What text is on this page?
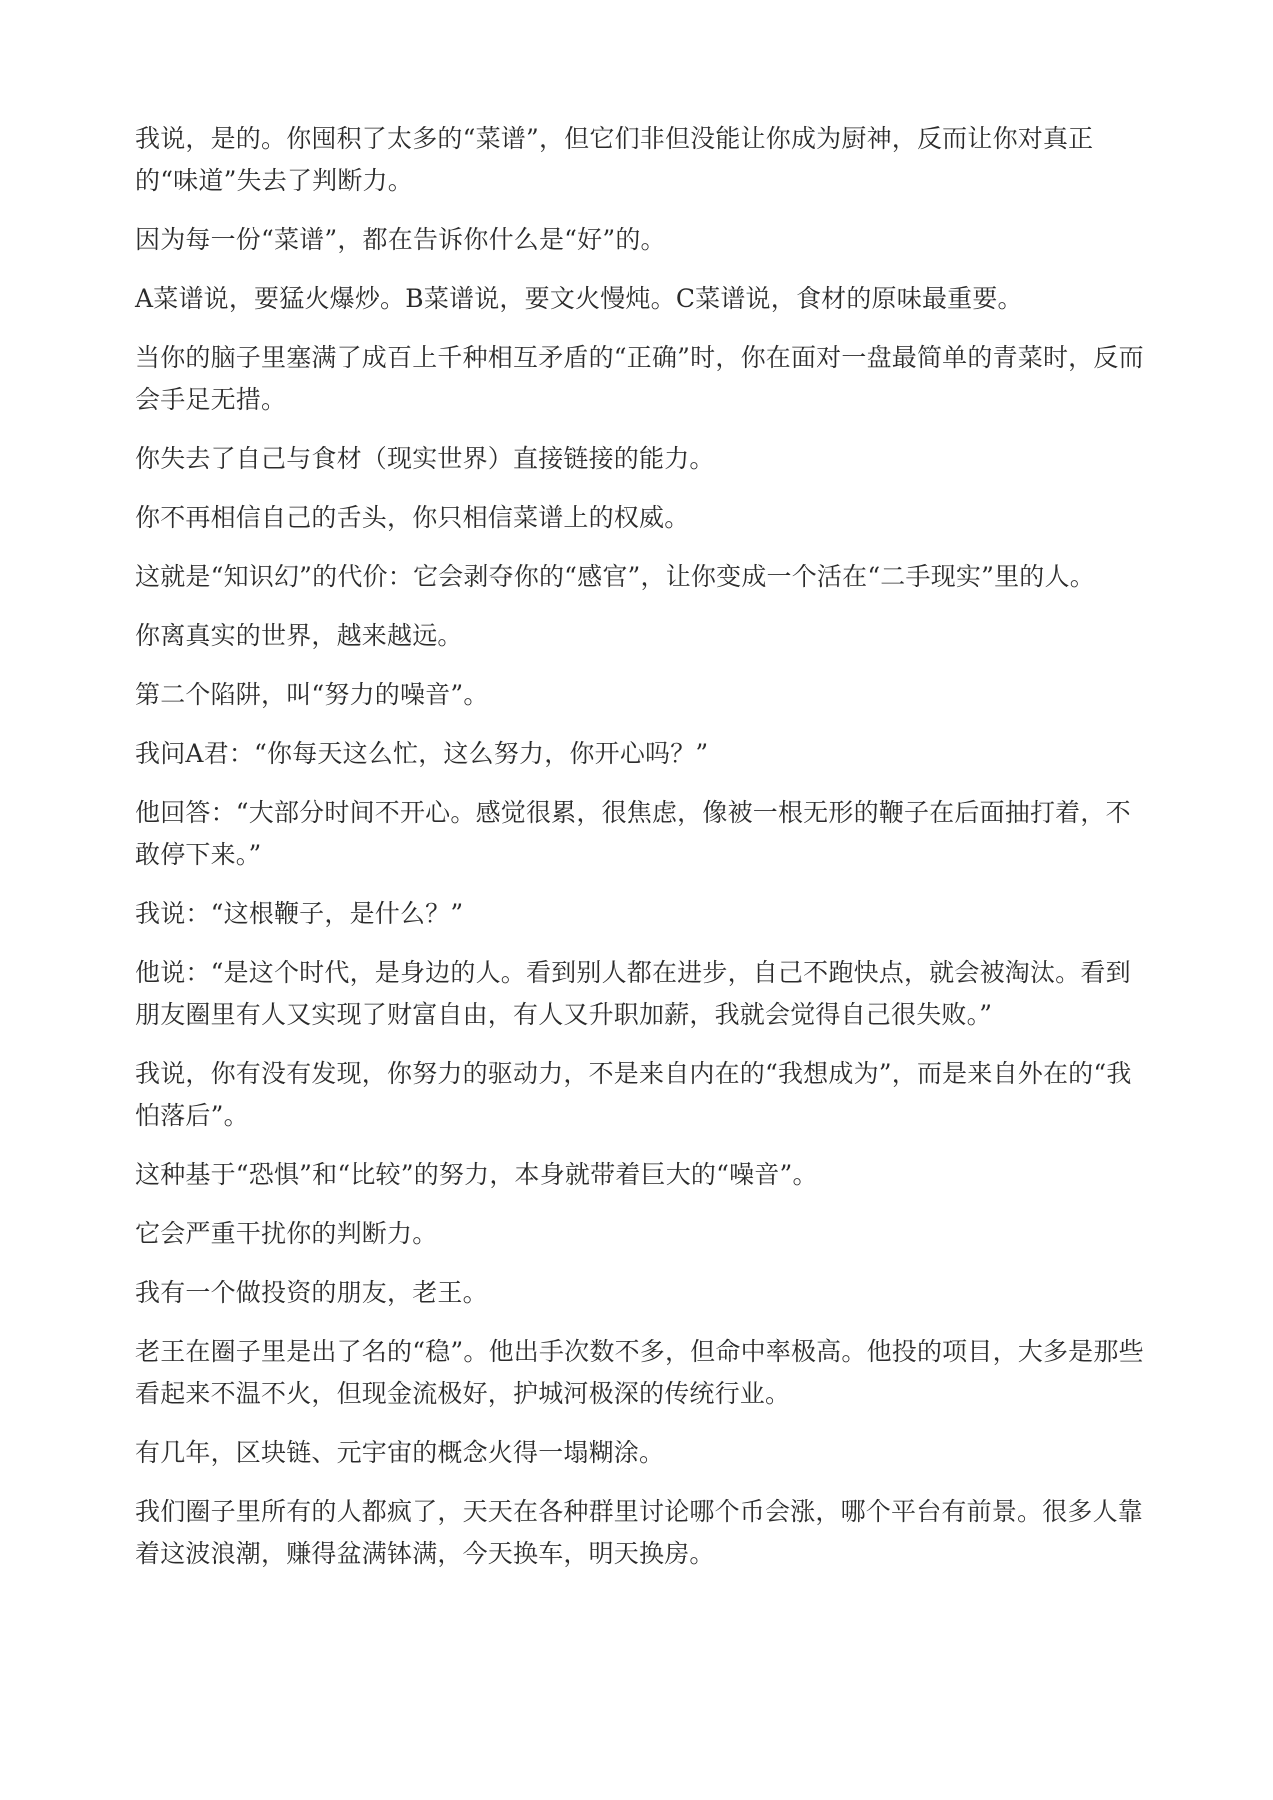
我说，是的。你囤积了太多的“菜谱”，但它们非但没能让你成为厨神，反而让你对真正的“味道”失去了判断力。

因为每一份“菜谱”，都在告诉你什么是“好”的。

A菜谱说，要猛火爆炒。B菜谱说，要文火慢炖。C菜谱说，食材的原味最重要。

当你的脑子里塞满了成百上千种相互矛盾的“正确”时，你在面对一盘最简单的青菜时，反而会手足无措。

你失去了自己与食材（现实世界）直接链接的能力。

你不再相信自己的舌头，你只相信菜谱上的权威。

这就是“知识幻”的代价：它会剥夺你的“感官”，让你变成一个活在“二手现实”里的人。

你离真实的世界，越来越远。

第二个陷阱，叫“努力的噪音”。

我问A君：“你每天这么忙，这么努力，你开心吗？”

他回答：“大部分时间不开心。感觉很累，很焦虑，像被一根无形的鞭子在后面抽打着，不敢停下来。”

我说：“这根鞭子，是什么？”

他说：“是这个时代，是身边的人。看到别人都在进步，自己不跑快点，就会被淘汰。看到朋友圈里有人又实现了财富自由，有人又升职加薪，我就会觉得自己很失败。”

我说，你有没有发现，你努力的驱动力，不是来自内在的“我想成为”，而是来自外在的“我怕落后”。

这种基于“恐惧”和“比较”的努力，本身就带着巨大的“噪音”。

它会严重干扰你的判断力。

我有一个做投资的朋友，老王。

老王在圈子里是出了名的“稳”。他出手次数不多，但命中率极高。他投的项目，大多是那些看起来不温不火，但现金流极好，护城河极深的传统行业。

有几年，区块链、元宇宙的概念火得一塌糊涂。

我们圈子里所有的人都疯了，天天在各种群里讨论哪个币会涨，哪个平台有前景。很多人靠着这波浪潮，赚得盆满钵满，今天换车，明天换房。
